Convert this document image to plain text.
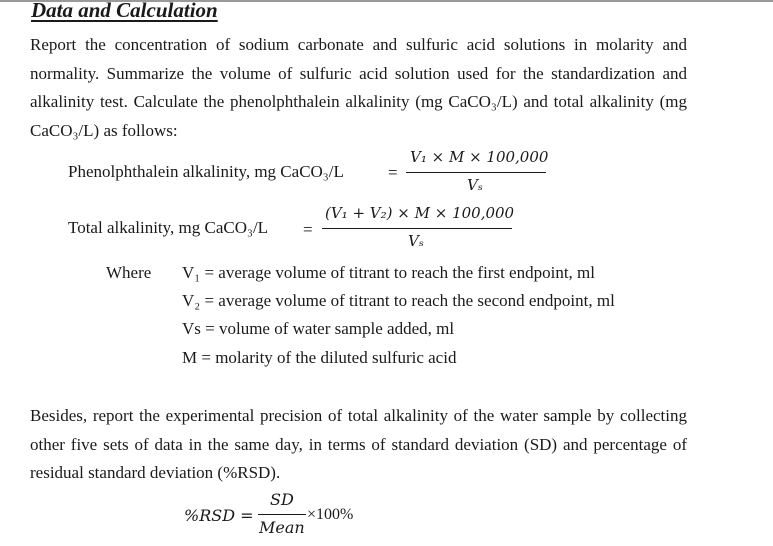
Data and Calculation
Report the concentration of sodium carbonate and sulfuric acid solutions in molarity and normality. Summarize the volume of sulfuric acid solution used for the standardization and alkalinity test. Calculate the phenolphthalein alkalinity (mg CaCO₃/L) and total alkalinity (mg CaCO₃/L) as follows:
Phenolphthalein alkalinity, mg CaCO₃/L	=
V₁ × M × 100,000
Vₛ
Total alkalinity, mg CaCO₃/L =
(V₁ + V₂) × M × 100,000
Vₛ
Where V₁ = average volume of titrant to reach the first endpoint, ml
V₂ = average volume of titrant to reach the second endpoint, ml
Vs = volume of water sample added, ml
M = molarity of the diluted sulfuric acid
Besides, report the experimental precision of total alkalinity of the water sample by collecting other five sets of data in the same day, in terms of standard deviation (SD) and percentage of residual standard deviation (%RSD).
%RSD =
SD
Mean
×100%
